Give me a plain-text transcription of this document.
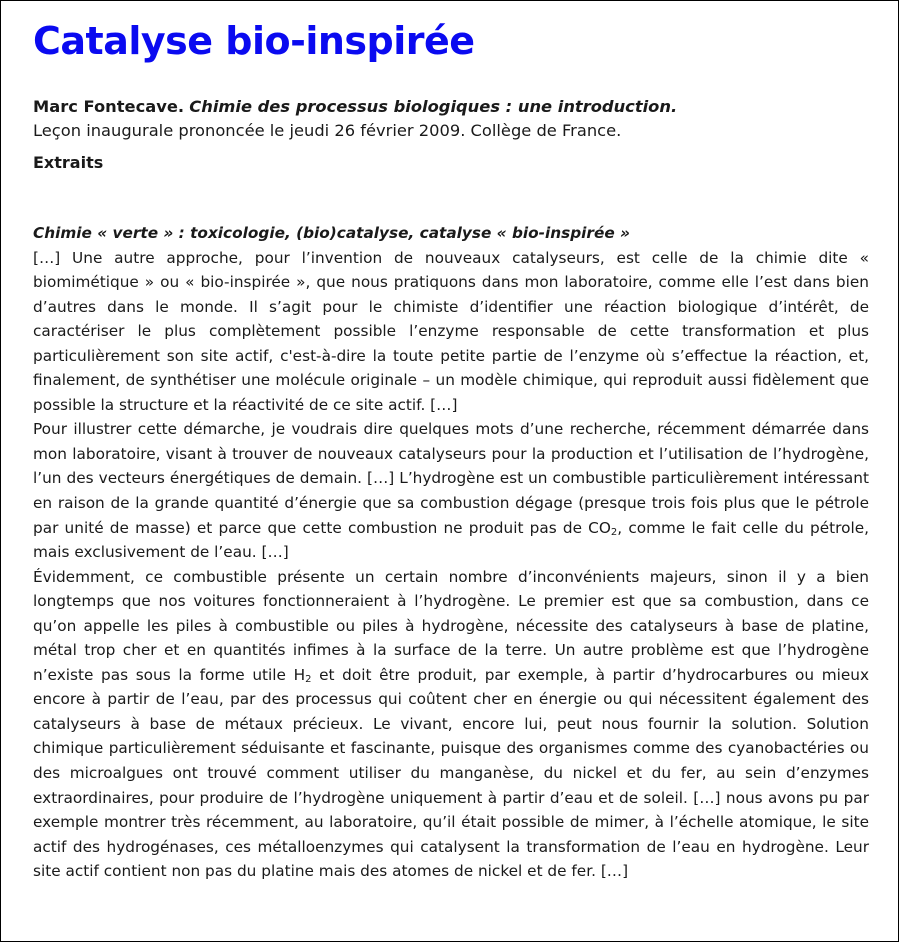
Catalyse bio-inspirée
Marc Fontecave. Chimie des processus biologiques : une introduction.
Leçon inaugurale prononcée le jeudi 26 février 2009. Collège de France.
Extraits

Chimie « verte » : toxicologie, (bio)catalyse, catalyse « bio-inspirée »

[…] Une autre approche, pour l’invention de nouveaux catalyseurs, est celle de la chimie dite « biomimétique » ou « bio-inspirée », que nous pratiquons dans mon laboratoire, comme elle l’est dans bien d’autres dans le monde. Il s’agit pour le chimiste d’identifier une réaction biologique d’intérêt, de caractériser le plus complètement possible l’enzyme responsable de cette transformation et plus particulièrement son site actif, c'est-à-dire la toute petite partie de l’enzyme où s’effectue la réaction, et, finalement, de synthétiser une molécule originale – un modèle chimique, qui reproduit aussi fidèlement que possible la structure et la réactivité de ce site actif. […]

Pour illustrer cette démarche, je voudrais dire quelques mots d’une recherche, récemment démarrée dans mon laboratoire, visant à trouver de nouveaux catalyseurs pour la production et l’utilisation de l’hydrogène, l’un des vecteurs énergétiques de demain. […] L’hydrogène est un combustible particulièrement intéressant en raison de la grande quantité d’énergie que sa combustion dégage (presque trois fois plus que le pétrole par unité de masse) et parce que cette combustion ne produit pas de $CO_2$, comme le fait celle du pétrole, mais exclusivement de l’eau. […]

Évidemment, ce combustible présente un certain nombre d’inconvénients majeurs, sinon il y a bien longtemps que nos voitures fonctionneraient à l’hydrogène. Le premier est que sa combustion, dans ce qu’on appelle les piles à combustible ou piles à hydrogène, nécessite des catalyseurs à base de platine, métal trop cher et en quantités infimes à la surface de la terre. Un autre problème est que l’hydrogène n’existe pas sous la forme utile $H_2$ et doit être produit, par exemple, à partir d’hydrocarbures ou mieux encore à partir de l’eau, par des processus qui coûtent cher en énergie ou qui nécessitent également des catalyseurs à base de métaux précieux. Le vivant, encore lui, peut nous fournir la solution. Solution chimique particulièrement séduisante et fascinante, puisque des organismes comme des cyanobactéries ou des microalgues ont trouvé comment utiliser du manganèse, du nickel et du fer, au sein d’enzymes extraordinaires, pour produire de l’hydrogène uniquement à partir d’eau et de soleil. […] nous avons pu par exemple montrer très récemment, au laboratoire, qu’il était possible de mimer, à l’échelle atomique, le site actif des hydrogénases, ces métalloenzymes qui catalysent la transformation de l’eau en hydrogène. Leur site actif contient non pas du platine mais des atomes de nickel et de fer. […]
